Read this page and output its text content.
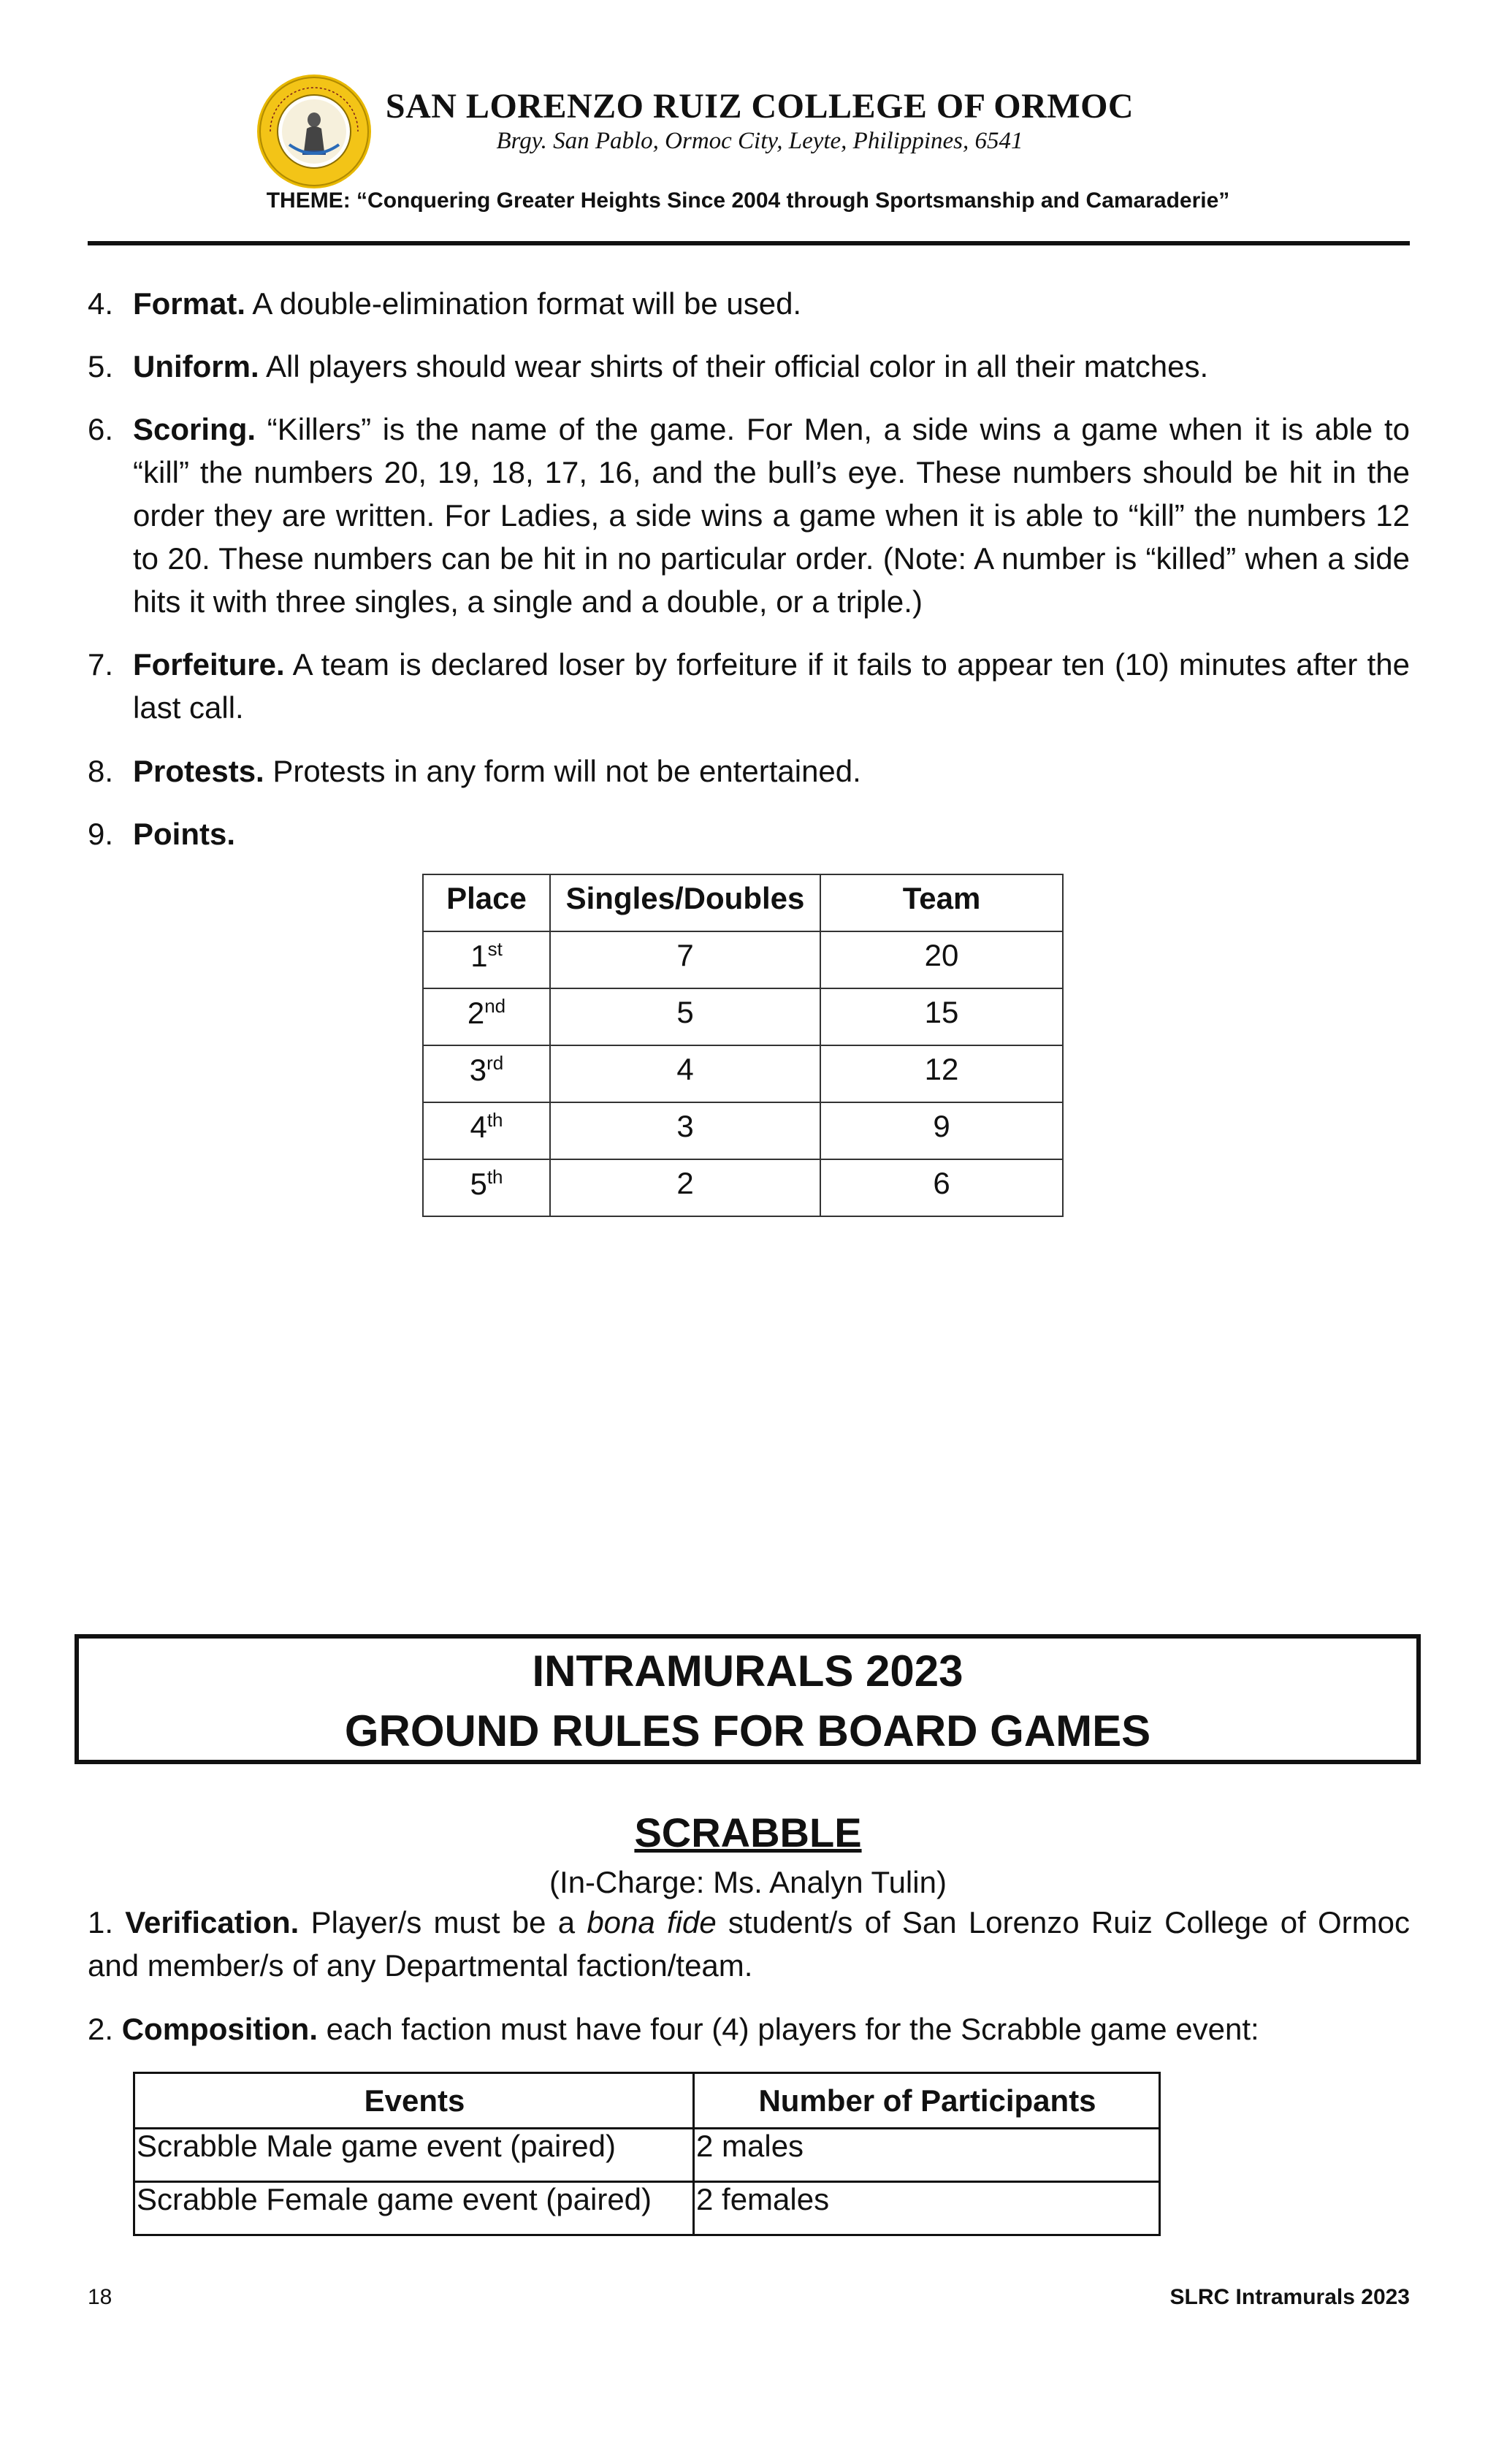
SAN LORENZO RUIZ COLLEGE OF ORMOC
Brgy. San Pablo, Ormoc City, Leyte, Philippines, 6541
THEME: “Conquering Greater Heights Since 2004 through Sportsmanship and Camaraderie”
4. Format. A double-elimination format will be used.
5. Uniform. All players should wear shirts of their official color in all their matches.
6. Scoring. “Killers” is the name of the game. For Men, a side wins a game when it is able to “kill” the numbers 20, 19, 18, 17, 16, and the bull’s eye. These numbers should be hit in the order they are written. For Ladies, a side wins a game when it is able to “kill” the numbers 12 to 20. These numbers can be hit in no particular order. (Note: A number is “killed” when a side hits it with three singles, a single and a double, or a triple.)
7. Forfeiture. A team is declared loser by forfeiture if it fails to appear ten (10) minutes after the last call.
8. Protests. Protests in any form will not be entertained.
9. Points.
Place	Singles/Doubles	Team
1st	7	20
2nd	5	15
3rd	4	12
4th	3	9
5th	2	6
INTRAMURALS 2023
GROUND RULES FOR BOARD GAMES
SCRABBLE
(In-Charge: Ms. Analyn Tulin)
1. Verification. Player/s must be a bona fide student/s of San Lorenzo Ruiz College of Ormoc and member/s of any Departmental faction/team.
2. Composition. each faction must have four (4) players for the Scrabble game event:
Events	Number of Participants
Scrabble Male game event (paired)	2 males
Scrabble Female game event (paired)	2 females
18	SLRC Intramurals 2023
